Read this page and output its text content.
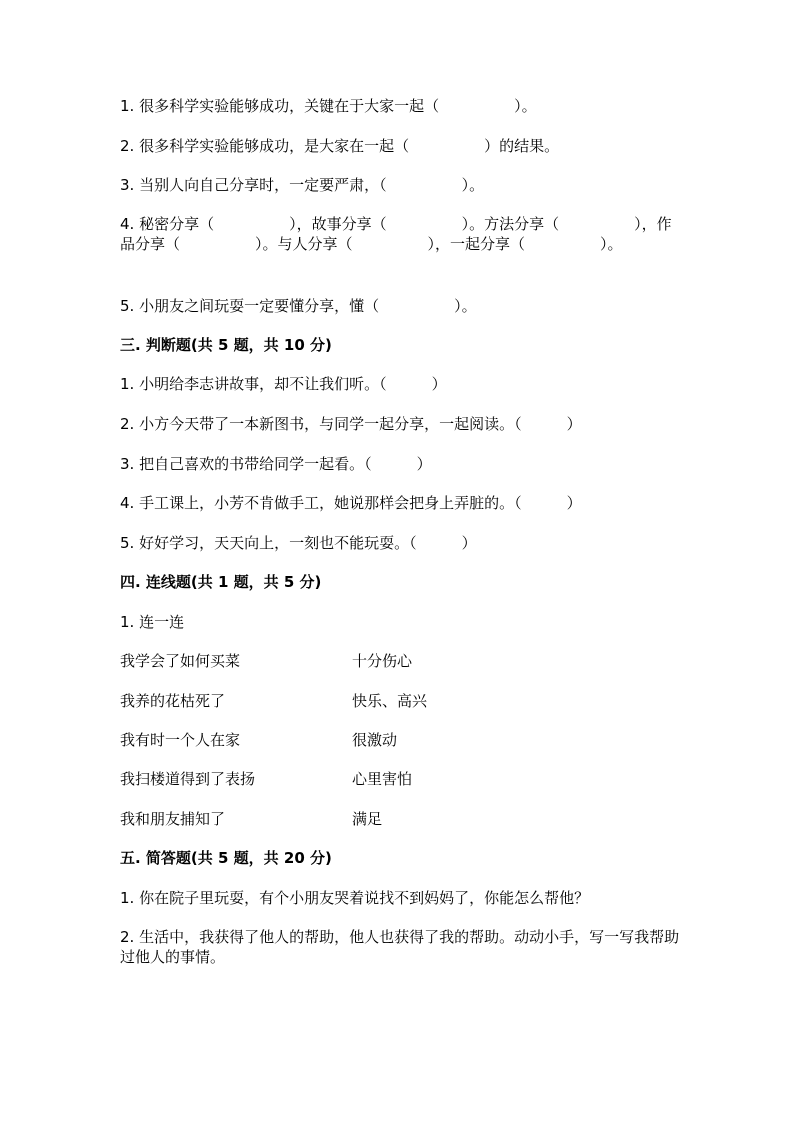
1. 很多科学实验能够成功，关键在于大家一起（　　　　　）。
2. 很多科学实验能够成功，是大家在一起（　　　　　）的结果。
3. 当别人向自己分享时，一定要严肃，（　　　　　）。
4. 秘密分享（　　　　　），故事分享（　　　　　）。方法分享（　　　　　），作品分享（　　　　　）。与人分享（　　　　　），一起分享（　　　　　）。
5. 小朋友之间玩耍一定要懂分享，懂（　　　　　）。
三. 判断题(共 5 题，共 10 分)
1. 小明给李志讲故事，却不让我们听。（　　　）
2. 小方今天带了一本新图书，与同学一起分享，一起阅读。（　　　）
3. 把自己喜欢的书带给同学一起看。（　　　）
4. 手工课上，小芳不肯做手工，她说那样会把身上弄脏的。（　　　）
5. 好好学习，天天向上，一刻也不能玩耍。（　　　）
四. 连线题(共 1 题，共 5 分)
1. 连一连
我学会了如何买菜	十分伤心
我养的花枯死了	快乐、高兴
我有时一个人在家	很激动
我扫楼道得到了表扬	心里害怕
我和朋友捕知了	满足
五. 简答题(共 5 题，共 20 分)
1. 你在院子里玩耍，有个小朋友哭着说找不到妈妈了，你能怎么帮他？
2. 生活中，我获得了他人的帮助，他人也获得了我的帮助。动动小手，写一写我帮助过他人的事情。
